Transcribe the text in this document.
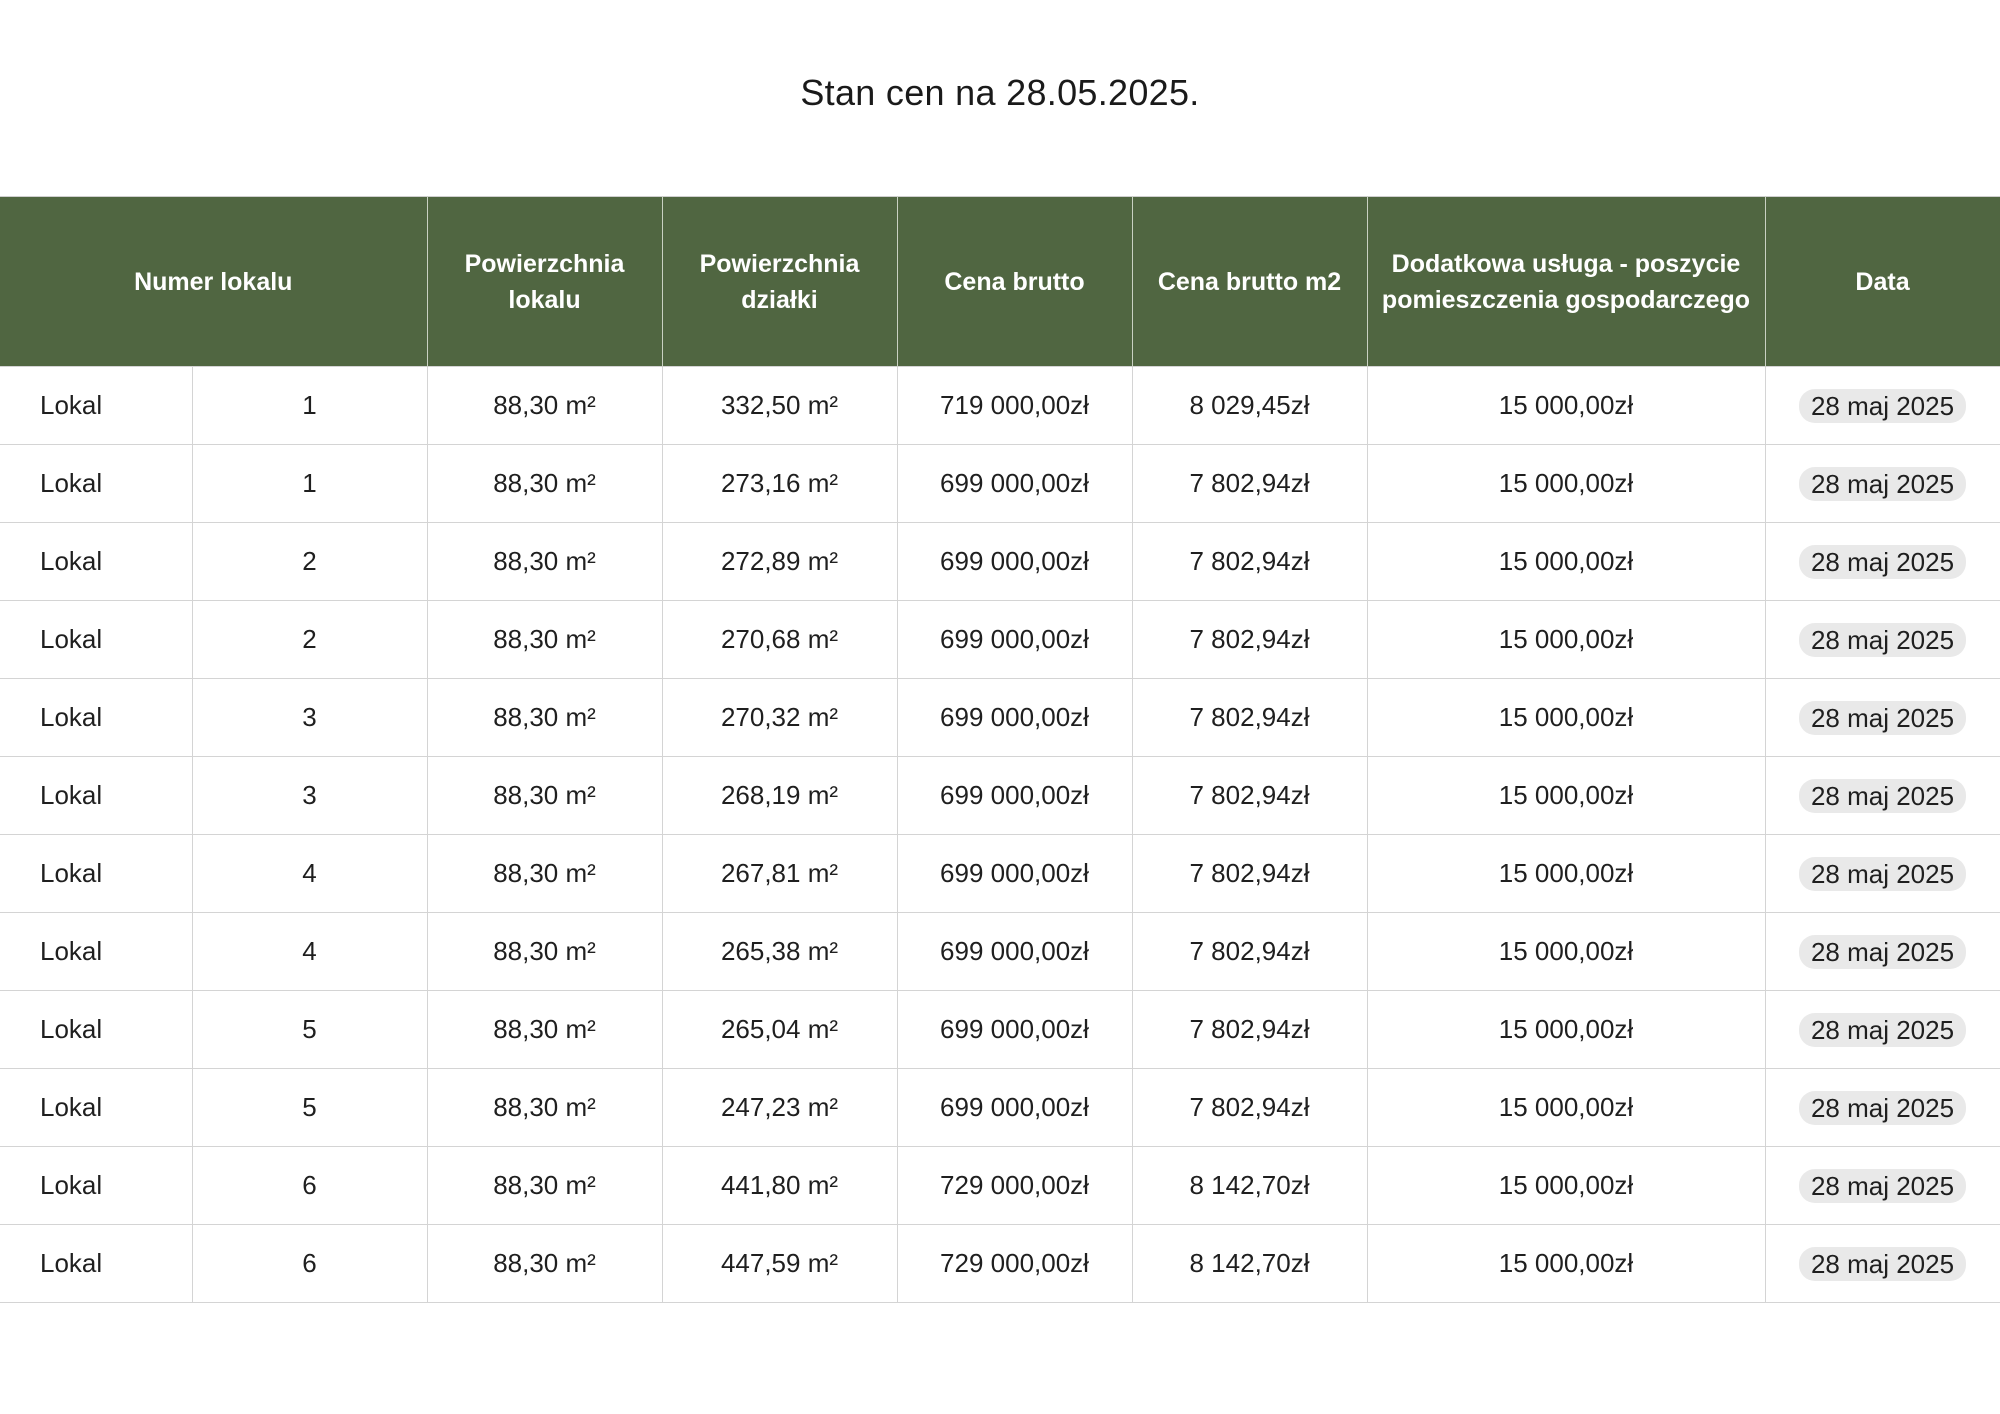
Stan cen na 28.05.2025.
Numer lokalu		Powierzchnia lokalu	Powierzchnia działki	Cena brutto	Cena brutto m2	Dodatkowa usługa - poszycie pomieszczenia gospodarczego	Data
Lokal	1	88,30 m²	332,50 m²	719 000,00zł	8 029,45zł	15 000,00zł	28 maj 2025
Lokal	1	88,30 m²	273,16 m²	699 000,00zł	7 802,94zł	15 000,00zł	28 maj 2025
Lokal	2	88,30 m²	272,89 m²	699 000,00zł	7 802,94zł	15 000,00zł	28 maj 2025
Lokal	2	88,30 m²	270,68 m²	699 000,00zł	7 802,94zł	15 000,00zł	28 maj 2025
Lokal	3	88,30 m²	270,32 m²	699 000,00zł	7 802,94zł	15 000,00zł	28 maj 2025
Lokal	3	88,30 m²	268,19 m²	699 000,00zł	7 802,94zł	15 000,00zł	28 maj 2025
Lokal	4	88,30 m²	267,81 m²	699 000,00zł	7 802,94zł	15 000,00zł	28 maj 2025
Lokal	4	88,30 m²	265,38 m²	699 000,00zł	7 802,94zł	15 000,00zł	28 maj 2025
Lokal	5	88,30 m²	265,04 m²	699 000,00zł	7 802,94zł	15 000,00zł	28 maj 2025
Lokal	5	88,30 m²	247,23 m²	699 000,00zł	7 802,94zł	15 000,00zł	28 maj 2025
Lokal	6	88,30 m²	441,80 m²	729 000,00zł	8 142,70zł	15 000,00zł	28 maj 2025
Lokal	6	88,30 m²	447,59 m²	729 000,00zł	8 142,70zł	15 000,00zł	28 maj 2025
